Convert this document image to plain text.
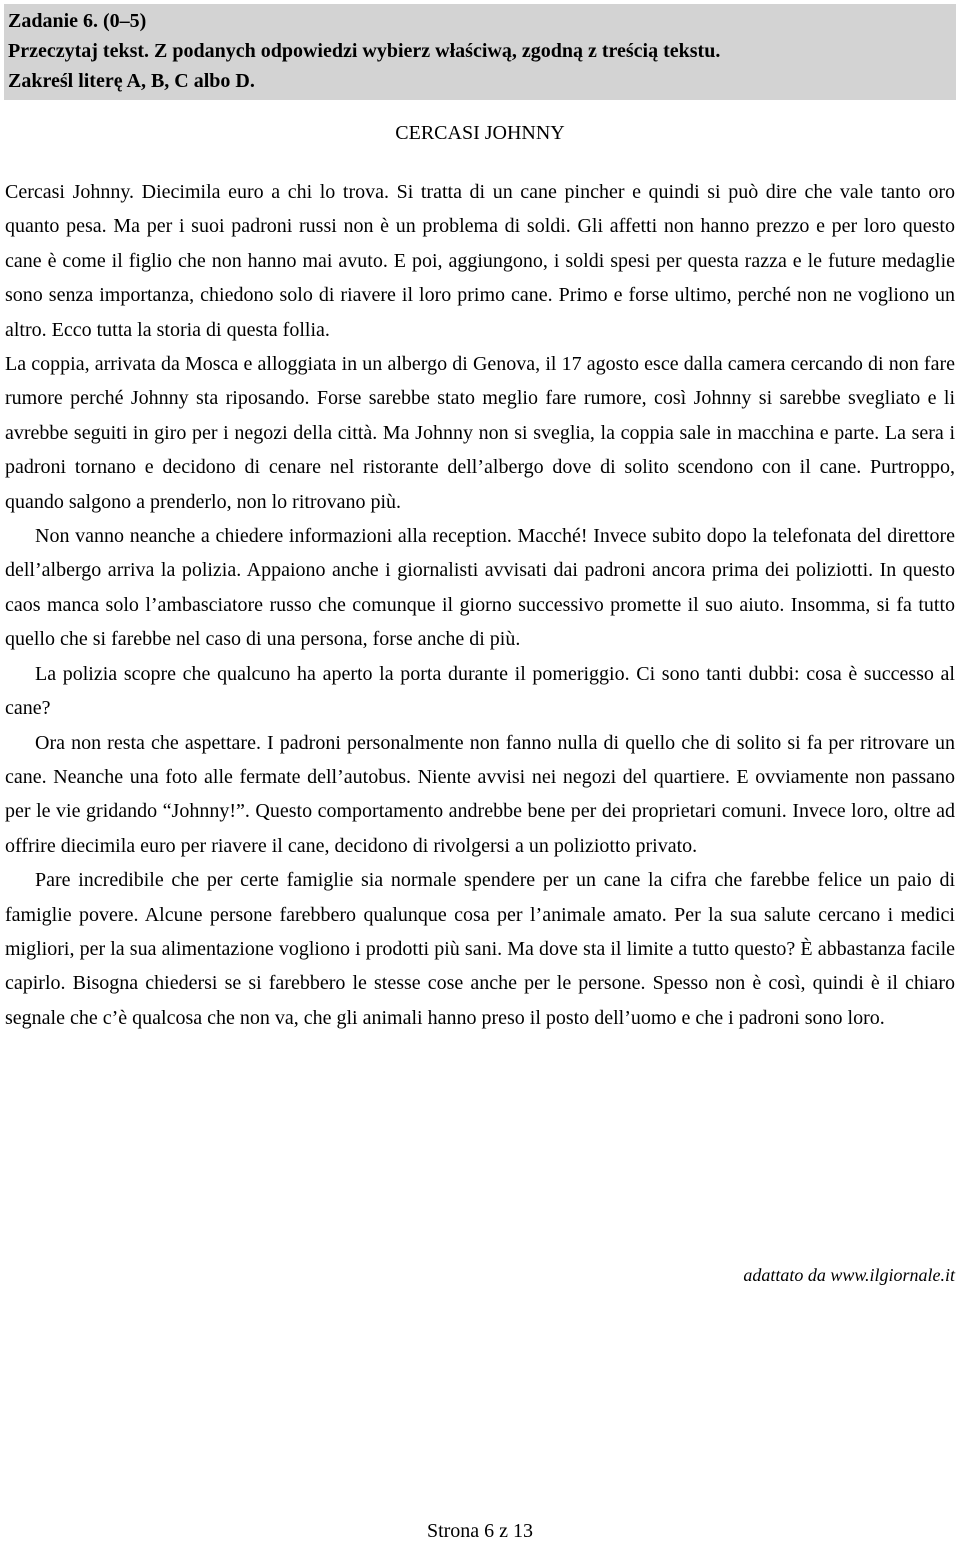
Zadanie 6. (0–5)
Przeczytaj tekst. Z podanych odpowiedzi wybierz właściwą, zgodną z treścią tekstu.
Zakreśl literę A, B, C albo D.
CERCASI JOHNNY

Cercasi Johnny. Diecimila euro a chi lo trova. Si tratta di un cane pincher e quindi si può dire che vale tanto oro quanto pesa. Ma per i suoi padroni russi non è un problema di soldi. Gli affetti non hanno prezzo e per loro questo cane è come il figlio che non hanno mai avuto. E poi, aggiungono, i soldi spesi per questa razza e le future medaglie sono senza importanza, chiedono solo di riavere il loro primo cane. Primo e forse ultimo, perché non ne vogliono un altro. Ecco tutta la storia di questa follia.

La coppia, arrivata da Mosca e alloggiata in un albergo di Genova, il 17 agosto esce dalla camera cercando di non fare rumore perché Johnny sta riposando. Forse sarebbe stato meglio fare rumore, così Johnny si sarebbe svegliato e li avrebbe seguiti in giro per i negozi della città. Ma Johnny non si sveglia, la coppia sale in macchina e parte. La sera i padroni tornano e decidono di cenare nel ristorante dell’albergo dove di solito scendono con il cane. Purtroppo, quando salgono a prenderlo, non lo ritrovano più.

Non vanno neanche a chiedere informazioni alla reception. Macché! Invece subito dopo la telefonata del direttore dell’albergo arriva la polizia. Appaiono anche i giornalisti avvisati dai padroni ancora prima dei poliziotti. In questo caos manca solo l’ambasciatore russo che comunque il giorno successivo promette il suo aiuto. Insomma, si fa tutto quello che si farebbe nel caso di una persona, forse anche di più.

La polizia scopre che qualcuno ha aperto la porta durante il pomeriggio. Ci sono tanti dubbi: cosa è successo al cane?

Ora non resta che aspettare. I padroni personalmente non fanno nulla di quello che di solito si fa per ritrovare un cane. Neanche una foto alle fermate dell’autobus. Niente avvisi nei negozi del quartiere. E ovviamente non passano per le vie gridando “Johnny!”. Questo comportamento andrebbe bene per dei proprietari comuni. Invece loro, oltre ad offrire diecimila euro per riavere il cane, decidono di rivolgersi a un poliziotto privato.

Pare incredibile che per certe famiglie sia normale spendere per un cane la cifra che farebbe felice un paio di famiglie povere. Alcune persone farebbero qualunque cosa per l’animale amato. Per la sua salute cercano i medici migliori, per la sua alimentazione vogliono i prodotti più sani. Ma dove sta il limite a tutto questo? È abbastanza facile capirlo. Bisogna chiedersi se si farebbero le stesse cose anche per le persone. Spesso non è così, quindi è il chiaro segnale che c’è qualcosa che non va, che gli animali hanno preso il posto dell’uomo e che i padroni sono loro.

adattato da www.ilgiornale.it
Strona 6 z 13
